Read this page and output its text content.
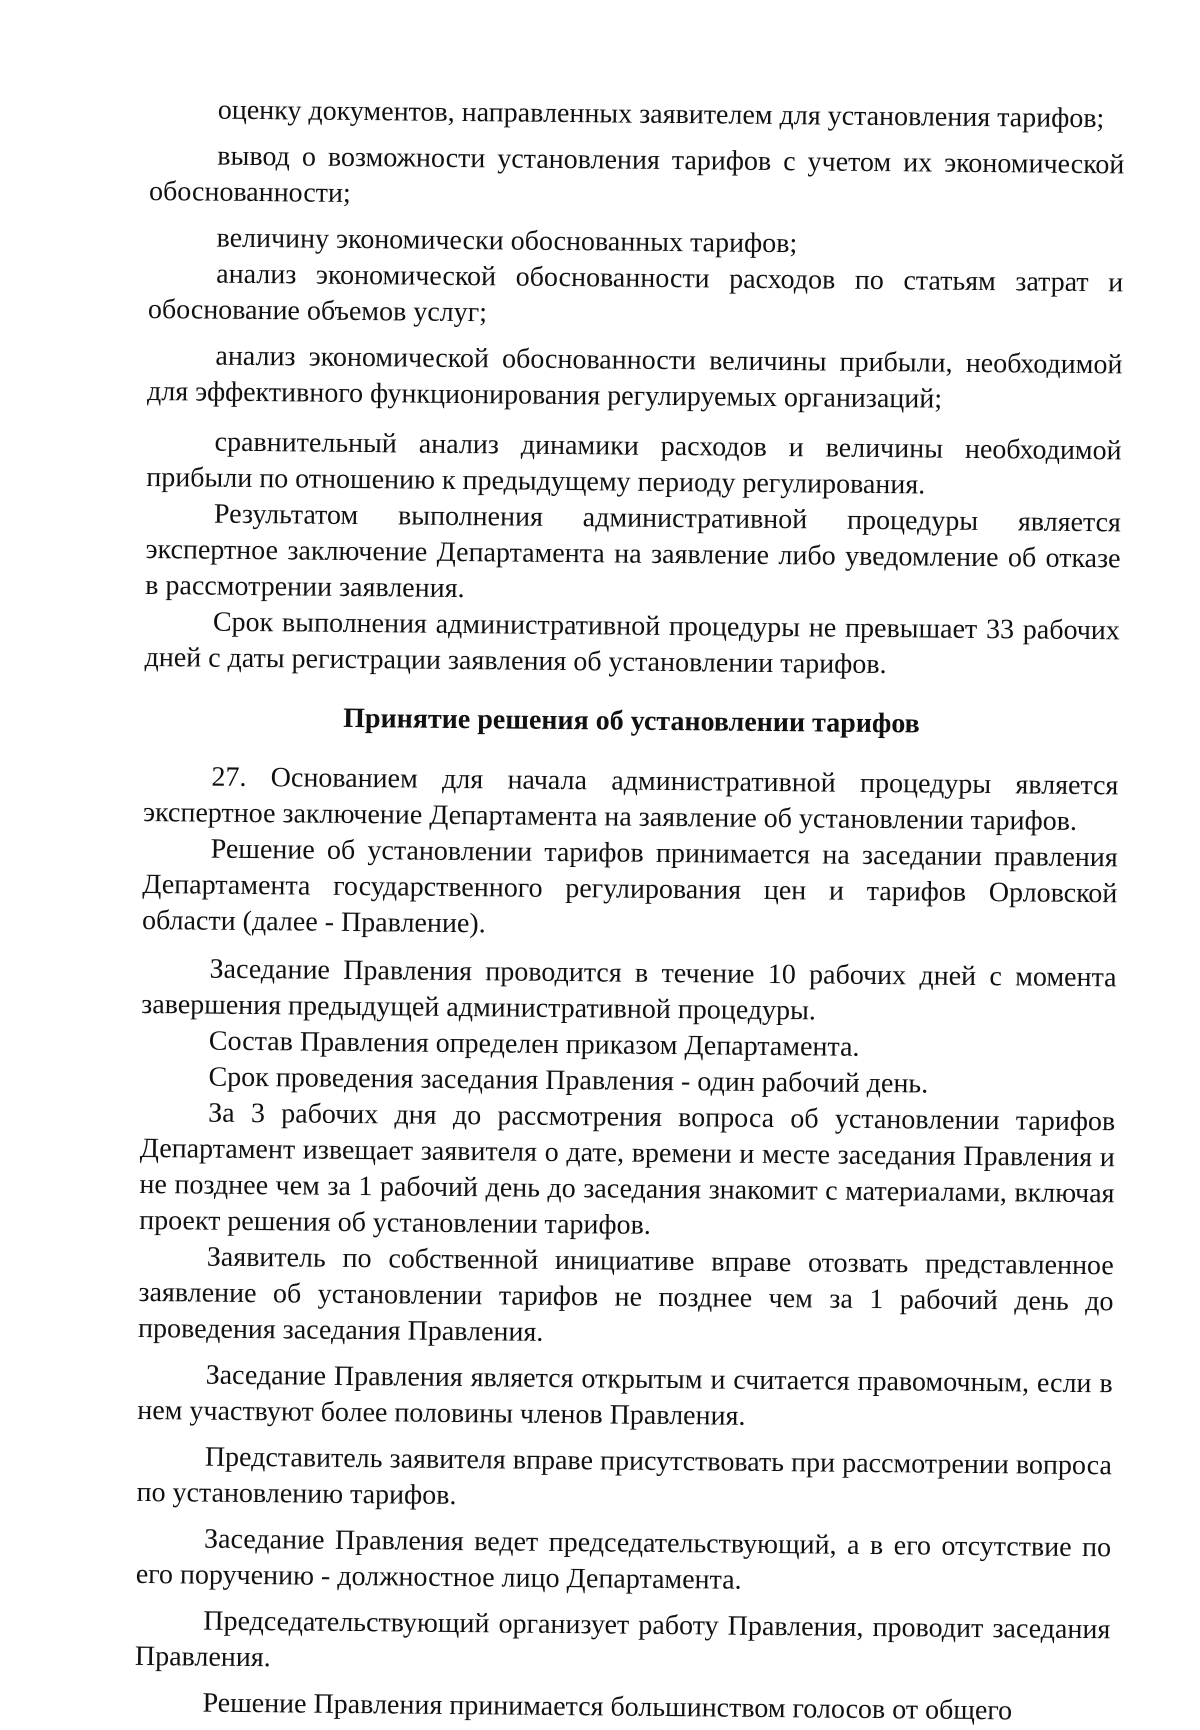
оценку документов, направленных заявителем для установления тарифов;

вывод о возможности установления тарифов с учетом их экономической обоснованности;

величину экономически обоснованных тарифов;

анализ экономической обоснованности расходов по статьям затрат и обоснование объемов услуг;

анализ экономической обоснованности величины прибыли, необходимой для эффективного функционирования регулируемых организаций;

сравнительный анализ динамики расходов и величины необходимой прибыли по отношению к предыдущему периоду регулирования.

Результатом выполнения административной процедуры является экспертное заключение Департамента на заявление либо уведомление об отказе в рассмотрении заявления.

Срок выполнения административной процедуры не превышает 33 рабочих дней с даты регистрации заявления об установлении тарифов.

Принятие решения об установлении тарифов

27. Основанием для начала административной процедуры является экспертное заключение Департамента на заявление об установлении тарифов.

Решение об установлении тарифов принимается на заседании правления Департамента государственного регулирования цен и тарифов Орловской области (далее - Правление).

Заседание Правления проводится в течение 10 рабочих дней с момента завершения предыдущей административной процедуры.

Состав Правления определен приказом Департамента.

Срок проведения заседания Правления - один рабочий день.

За 3 рабочих дня до рассмотрения вопроса об установлении тарифов Департамент извещает заявителя о дате, времени и месте заседания Правления и не позднее чем за 1 рабочий день до заседания знакомит с материалами, включая проект решения об установлении тарифов.

Заявитель по собственной инициативе вправе отозвать представленное заявление об установлении тарифов не позднее чем за 1 рабочий день до проведения заседания Правления.

Заседание Правления является открытым и считается правомочным, если в нем участвуют более половины членов Правления.

Представитель заявителя вправе присутствовать при рассмотрении вопроса по установлению тарифов.

Заседание Правления ведет председательствующий, а в его отсутствие по его поручению - должностное лицо Департамента.

Председательствующий организует работу Правления, проводит заседания Правления.

Решение Правления принимается большинством голосов от общего
